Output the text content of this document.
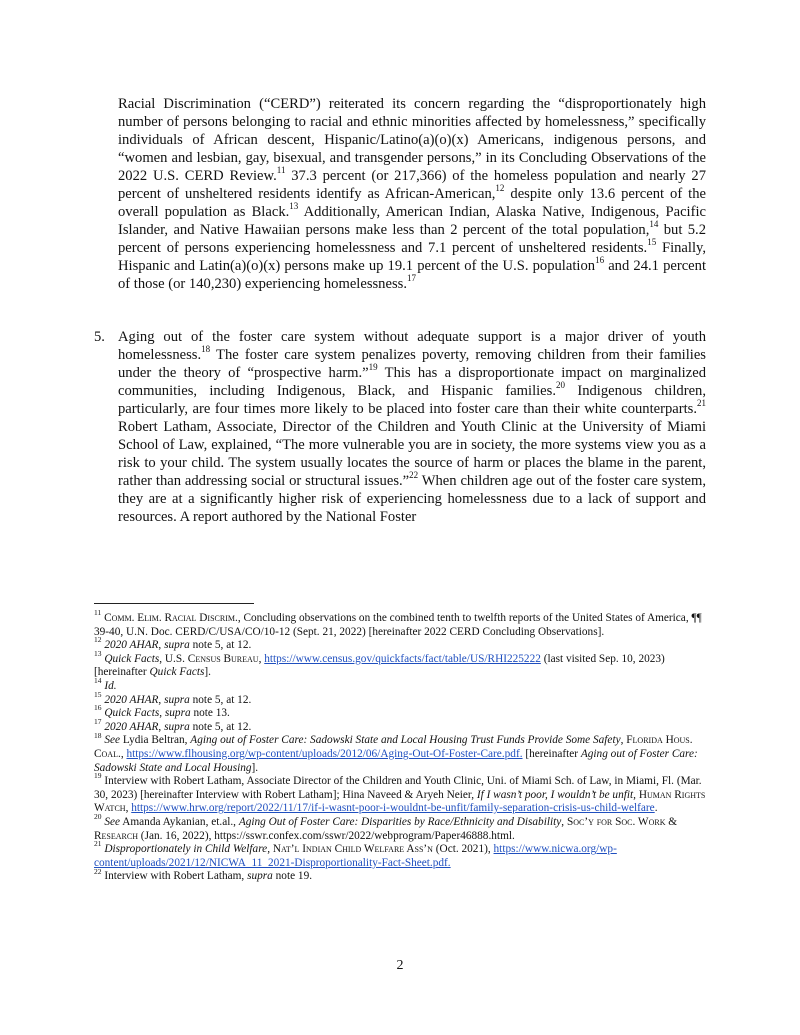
Racial Discrimination (“CERD”) reiterated its concern regarding the “disproportionately high number of persons belonging to racial and ethnic minorities affected by homelessness,” specifically individuals of African descent, Hispanic/Latino(a)(o)(x) Americans, indigenous persons, and “women and lesbian, gay, bisexual, and transgender persons,” in its Concluding Observations of the 2022 U.S. CERD Review.$^{11}$ 37.3 percent (or 217,366) of the homeless population and nearly 27 percent of unsheltered residents identify as African-American,$^{12}$ despite only 13.6 percent of the overall population as Black.$^{13}$ Additionally, American Indian, Alaska Native, Indigenous, Pacific Islander, and Native Hawaiian persons make less than 2 percent of the total population,$^{14}$ but 5.2 percent of persons experiencing homelessness and 7.1 percent of unsheltered residents.$^{15}$ Finally, Hispanic and Latin(a)(o)(x) persons make up 19.1 percent of the U.S. population$^{16}$ and 24.1 percent of those (or 140,230) experiencing homelessness.$^{17}$

5. Aging out of the foster care system without adequate support is a major driver of youth homelessness.$^{18}$ The foster care system penalizes poverty, removing children from their families under the theory of “prospective harm.”$^{19}$ This has a disproportionate impact on marginalized communities, including Indigenous, Black, and Hispanic families.$^{20}$ Indigenous children, particularly, are four times more likely to be placed into foster care than their white counterparts.$^{21}$ Robert Latham, Associate, Director of the Children and Youth Clinic at the University of Miami School of Law, explained, “The more vulnerable you are in society, the more systems view you as a risk to your child. The system usually locates the source of harm or places the blame in the parent, rather than addressing social or structural issues.”$^{22}$ When children age out of the foster care system, they are at a significantly higher risk of experiencing homelessness due to a lack of support and resources. A report authored by the National Foster

$^{11}$ Comm. Elim. Racial Discrim., Concluding observations on the combined tenth to twelfth reports of the United States of America, ¶¶ 39-40, U.N. Doc. CERD/C/USA/CO/10-12 (Sept. 21, 2022) [hereinafter 2022 CERD Concluding Observations].

$^{12}$ 2020 AHAR, supra note 5, at 12.

$^{13}$ Quick Facts, U.S. Census Bureau, https://www.census.gov/quickfacts/fact/table/US/RHI225222 (last visited Sep. 10, 2023) [hereinafter Quick Facts].

$^{14}$ Id.

$^{15}$ 2020 AHAR, supra note 5, at 12.

$^{16}$ Quick Facts, supra note 13.

$^{17}$ 2020 AHAR, supra note 5, at 12.

$^{18}$ See Lydia Beltran, Aging out of Foster Care: Sadowski State and Local Housing Trust Funds Provide Some Safety, Florida Hous. Coal., https://www.flhousing.org/wp-content/uploads/2012/06/Aging-Out-Of-Foster-Care.pdf. [hereinafter Aging out of Foster Care: Sadowski State and Local Housing].

$^{19}$ Interview with Robert Latham, Associate Director of the Children and Youth Clinic, Uni. of Miami Sch. of Law, in Miami, Fl. (Mar. 30, 2023) [hereinafter Interview with Robert Latham]; Hina Naveed & Aryeh Neier, If I wasn’t poor, I wouldn’t be unfit, Human Rights Watch, https://www.hrw.org/report/2022/11/17/if-i-wasnt-poor-i-wouldnt-be-unfit/family-separation-crisis-us-child-welfare.

$^{20}$ See Amanda Aykanian, et.al., Aging Out of Foster Care: Disparities by Race/Ethnicity and Disability, Soc’y for Soc. Work & Research (Jan. 16, 2022), https://sswr.confex.com/sswr/2022/webprogram/Paper46888.html.

$^{21}$ Disproportionately in Child Welfare, Nat’l Indian Child Welfare Ass’n (Oct. 2021), https://www.nicwa.org/wp-content/uploads/2021/12/NICWA_11_2021-Disproportionality-Fact-Sheet.pdf.

$^{22}$ Interview with Robert Latham, supra note 19.

2
